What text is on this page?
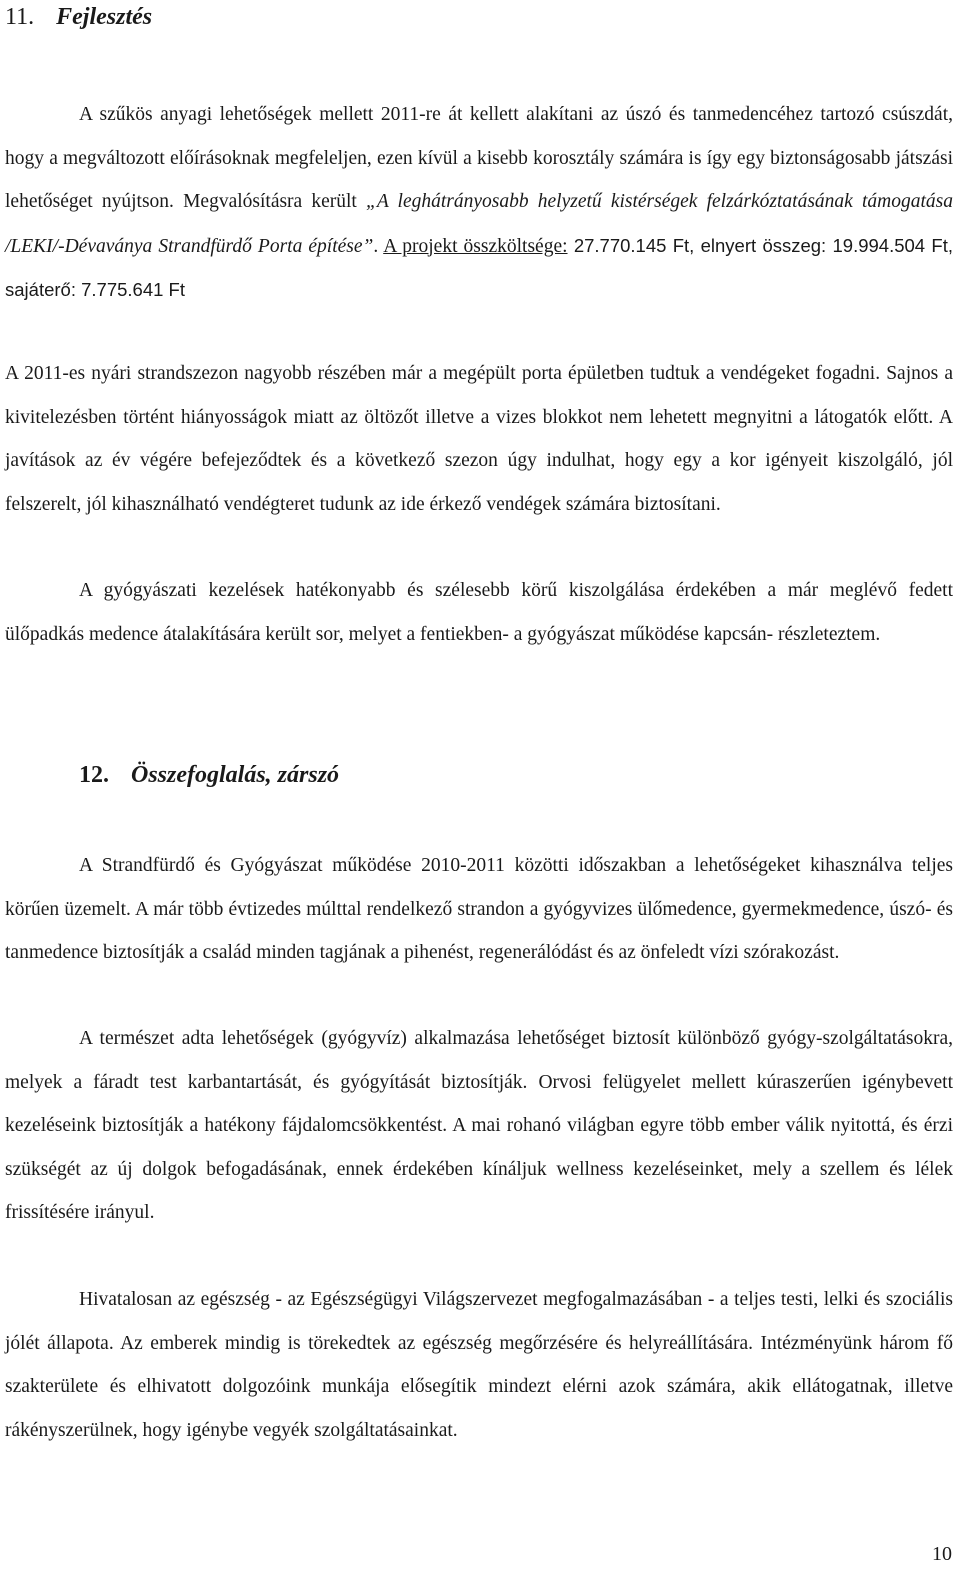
11. Fejlesztés

A szűkös anyagi lehetőségek mellett 2011-re át kellett alakítani az úszó és tanmedencéhez tartozó csúszdát, hogy a megváltozott előírásoknak megfeleljen, ezen kívül a kisebb korosztály számára is így egy biztonságosabb játszási lehetőséget nyújtson. Megvalósításra került „A leghátrányosabb helyzetű kistérségek felzárkóztatásának támogatása /LEKI/-Dévaványa Strandfürdő Porta építése”. A projekt összköltsége: 27.770.145 Ft, elnyert összeg: 19.994.504 Ft, sajáterő: 7.775.641 Ft

A 2011-es nyári strandszezon nagyobb részében már a megépült porta épületben tudtuk a vendégeket fogadni. Sajnos a kivitelezésben történt hiányosságok miatt az öltözőt illetve a vizes blokkot nem lehetett megnyitni a látogatók előtt. A javítások az év végére befejeződtek és a következő szezon úgy indulhat, hogy egy a kor igényeit kiszolgáló, jól felszerelt, jól kihasználható vendégteret tudunk az ide érkező vendégek számára biztosítani.

A gyógyászati kezelések hatékonyabb és szélesebb körű kiszolgálása érdekében a már meglévő fedett ülőpadkás medence átalakítására került sor, melyet a fentiekben- a gyógyászat működése kapcsán- részleteztem.

12. Összefoglalás, zárszó

A Strandfürdő és Gyógyászat működése 2010-2011 közötti időszakban a lehetőségeket kihasználva teljes körűen üzemelt. A már több évtizedes múlttal rendelkező strandon a gyógyvizes ülőmedence, gyermekmedence, úszó- és tanmedence biztosítják a család minden tagjának a pihenést, regenerálódást és az önfeledt vízi szórakozást.

A természet adta lehetőségek (gyógyvíz) alkalmazása lehetőséget biztosít különböző gyógy-szolgáltatásokra, melyek a fáradt test karbantartását, és gyógyítását biztosítják. Orvosi felügyelet mellett kúraszerűen igénybevett kezeléseink biztosítják a hatékony fájdalomcsökkentést. A mai rohanó világban egyre több ember válik nyitottá, és érzi szükségét az új dolgok befogadásának, ennek érdekében kínáljuk wellness kezeléseinket, mely a szellem és lélek frissítésére irányul.

Hivatalosan az egészség - az Egészségügyi Világszervezet megfogalmazásában - a teljes testi, lelki és szociális jólét állapota. Az emberek mindig is törekedtek az egészség megőrzésére és helyreállítására. Intézményünk három fő szakterülete és elhivatott dolgozóink munkája elősegítik mindezt elérni azok számára, akik ellátogatnak, illetve rákényszerülnek, hogy igénybe vegyék szolgáltatásainkat.

10
